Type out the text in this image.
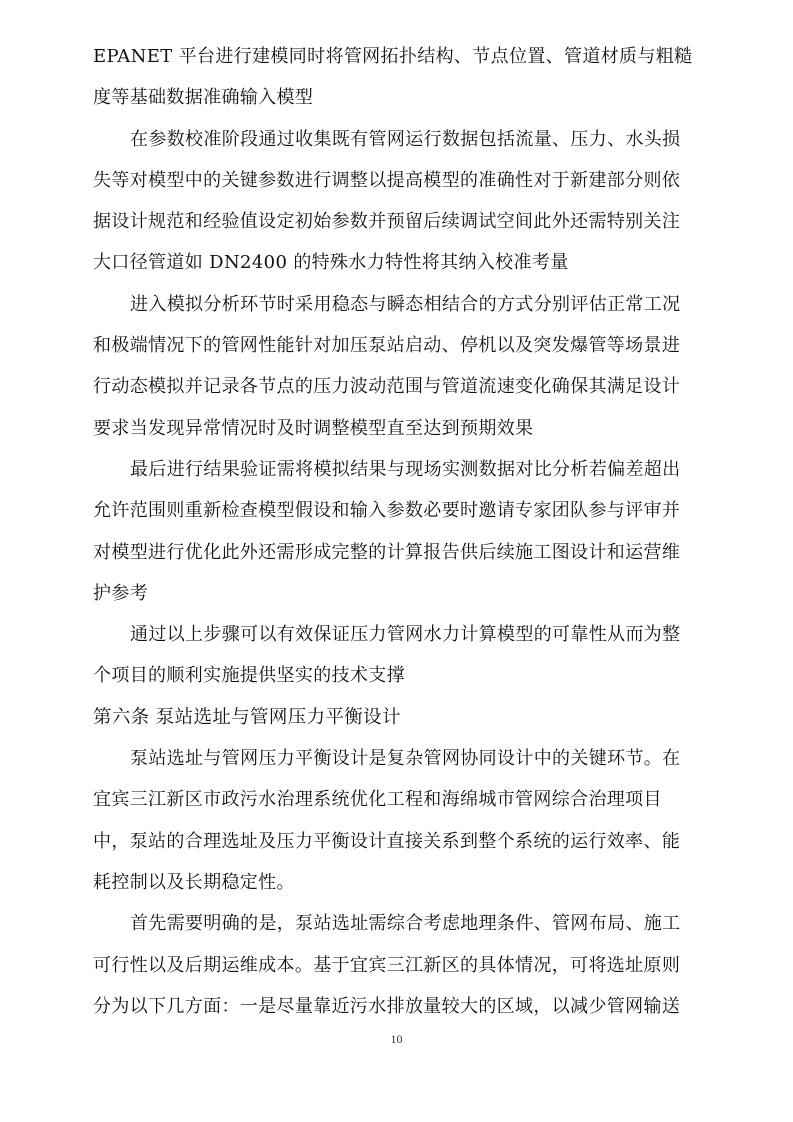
EPANET 平台进行建模同时将管网拓扑结构、节点位置、管道材质与粗糙
度等基础数据准确输入模型
在参数校准阶段通过收集既有管网运行数据包括流量、压力、水头损
失等对模型中的关键参数进行调整以提高模型的准确性对于新建部分则依
据设计规范和经验值设定初始参数并预留后续调试空间此外还需特别关注
大口径管道如 DN2400 的特殊水力特性将其纳入校准考量
进入模拟分析环节时采用稳态与瞬态相结合的方式分别评估正常工况
和极端情况下的管网性能针对加压泵站启动、停机以及突发爆管等场景进
行动态模拟并记录各节点的压力波动范围与管道流速变化确保其满足设计
要求当发现异常情况时及时调整模型直至达到预期效果
最后进行结果验证需将模拟结果与现场实测数据对比分析若偏差超出
允许范围则重新检查模型假设和输入参数必要时邀请专家团队参与评审并
对模型进行优化此外还需形成完整的计算报告供后续施工图设计和运营维
护参考
通过以上步骤可以有效保证压力管网水力计算模型的可靠性从而为整
个项目的顺利实施提供坚实的技术支撑
第六条 泵站选址与管网压力平衡设计
泵站选址与管网压力平衡设计是复杂管网协同设计中的关键环节。在
宜宾三江新区市政污水治理系统优化工程和海绵城市管网综合治理项目
中，泵站的合理选址及压力平衡设计直接关系到整个系统的运行效率、能
耗控制以及长期稳定性。
首先需要明确的是，泵站选址需综合考虑地理条件、管网布局、施工
可行性以及后期运维成本。基于宜宾三江新区的具体情况，可将选址原则
分为以下几方面：一是尽量靠近污水排放量较大的区域，以减少管网输送
10
